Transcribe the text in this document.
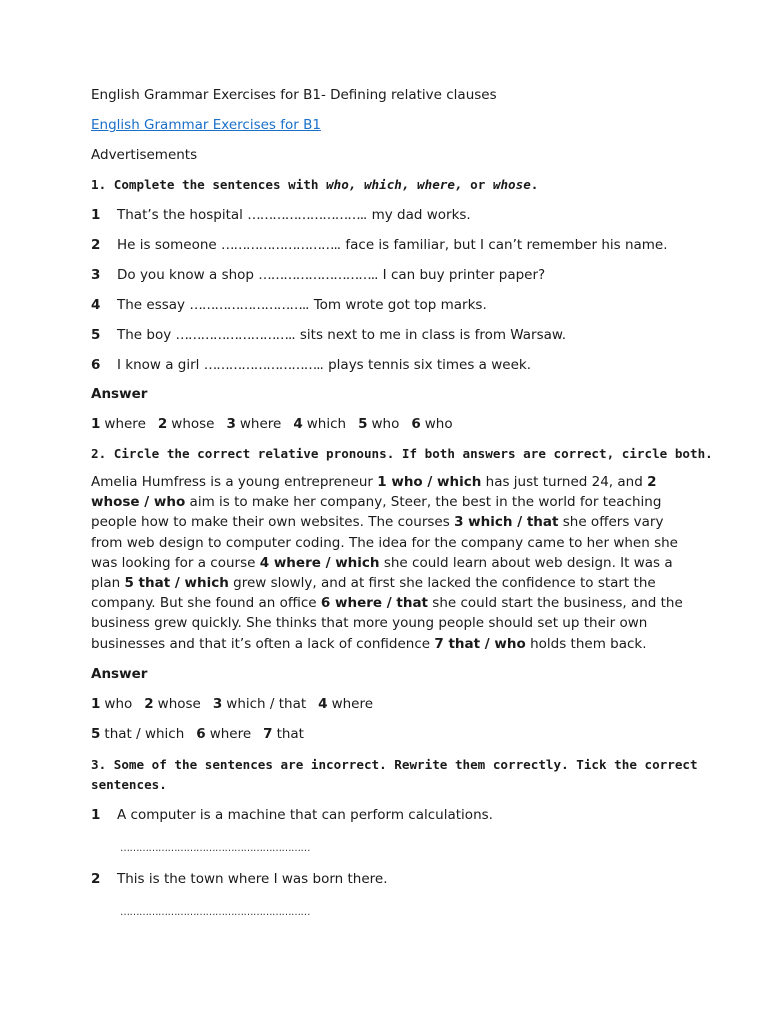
English Grammar Exercises for B1- Defining relative clauses

English Grammar Exercises for B1

Advertisements

1. Complete the sentences with who, which, where, or whose.

1 That’s the hospital ……………………….. my dad works.

2 He is someone ……………………….. face is familiar, but I can’t remember his name.

3 Do you know a shop ……………………….. I can buy printer paper?

4 The essay ……………………….. Tom wrote got top marks.

5 The boy ……………………….. sits next to me in class is from Warsaw.

6 I know a girl ……………………….. plays tennis six times a week.

Answer

1 where 2 whose 3 where 4 which 5 who 6 who

2. Circle the correct relative pronouns. If both answers are correct, circle both.

Amelia Humfress is a young entrepreneur 1 who / which has just turned 24, and 2

whose / who aim is to make her company, Steer, the best in the world for teaching

people how to make their own websites. The courses 3 which / that she offers vary

from web design to computer coding. The idea for the company came to her when she

was looking for a course 4 where / which she could learn about web design. It was a

plan 5 that / which grew slowly, and at first she lacked the confidence to start the

company. But she found an office 6 where / that she could start the business, and the

business grew quickly. She thinks that more young people should set up their own

businesses and that it’s often a lack of confidence 7 that / who holds them back.

Answer

1 who 2 whose 3 which / that 4 where

5 that / which 6 where 7 that

3. Some of the sentences are incorrect. Rewrite them correctly. Tick the correct

sentences.

1 A computer is a machine that can perform calculations.

……………………………………………………

2 This is the town where I was born there.

……………………………………………………
